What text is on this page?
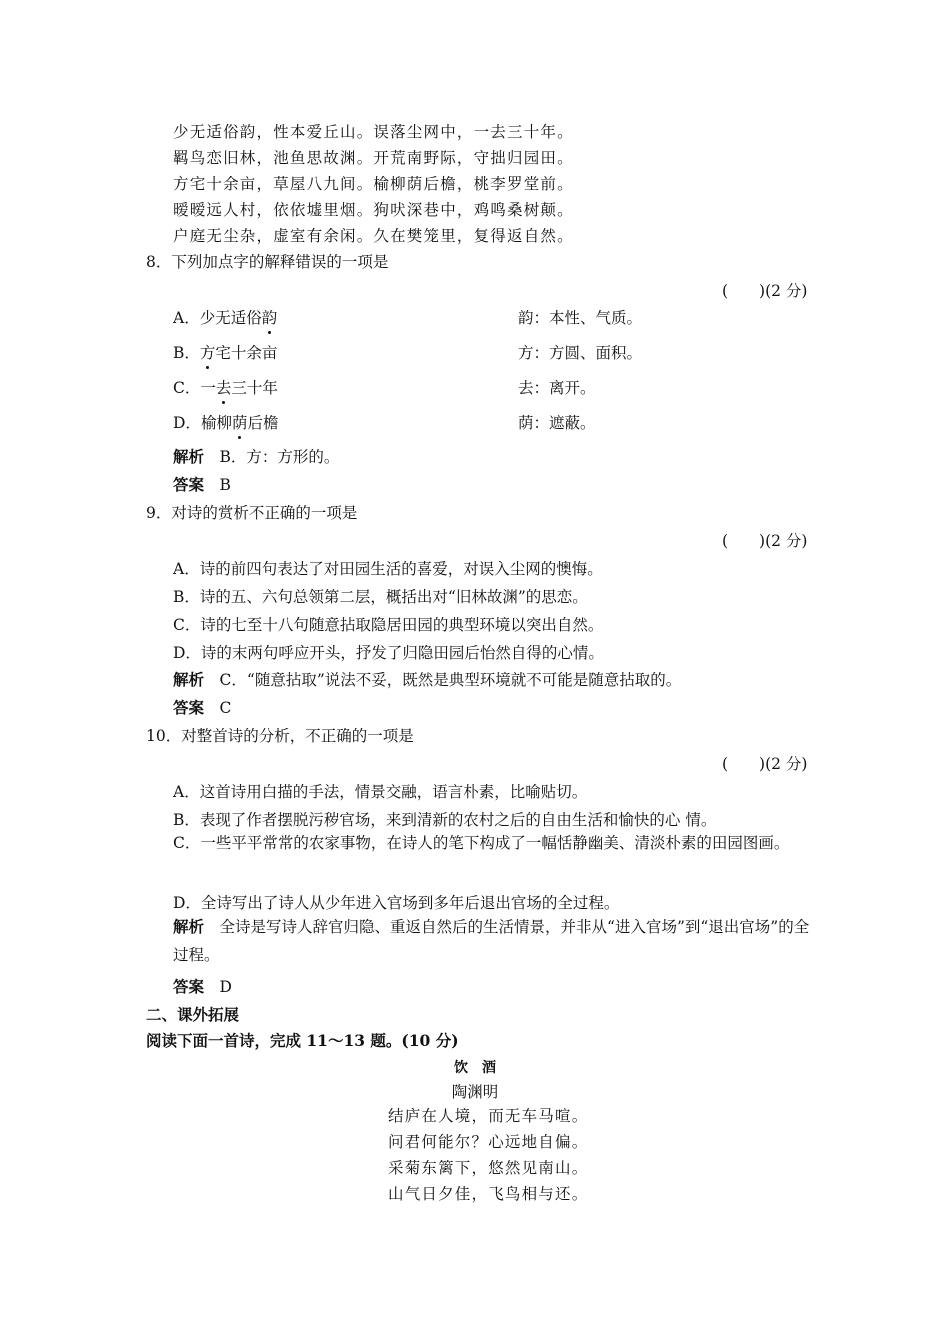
少无适俗韵，性本爱丘山。误落尘网中，一去三十年。
羁鸟恋旧林，池鱼思故渊。开荒南野际，守拙归园田。
方宅十余亩，草屋八九间。榆柳荫后檐，桃李罗堂前。
暧暧远人村，依依墟里烟。狗吠深巷中，鸡鸣桑树颠。
户庭无尘杂，虚室有余闲。久在樊笼里，复得返自然。
8．下列加点字的解释错误的一项是
(　　)(2 分)
A．少无适俗韵	韵：本性、气质。
B．方宅十余亩	方：方圆、面积。
C．一去三十年	去：离开。
D．榆柳荫后檐	荫：遮蔽。
解析　 B．方：方形的。
答案　 B
9．对诗的赏析不正确的一项是
(　　)(2 分)
A．诗的前四句表达了对田园生活的喜爱，对误入尘网的懊悔。
B．诗的五、六句总领第二层，概括出对“旧林故渊”的思恋。
C．诗的七至十八句随意拈取隐居田园的典型环境以突出自然。
D．诗的末两句呼应开头，抒发了归隐田园后怡然自得的心情。
解析　 C．“随意拈取”说法不妥，既然是典型环境就不可能是随意拈取的。
答案　 C
10．对整首诗的分析，不正确的一项是
(　　)(2 分)
A．这首诗用白描的手法，情景交融，语言朴素，比喻贴切。
B．表现了作者摆脱污秽官场，来到清新的农村之后的自由生活和愉快的心 情。
C．一些平平常常的农家事物，在诗人的笔下构成了一幅恬静幽美、清淡朴素的田园图画。
D．全诗写出了诗人从少年进入官场到多年后退出官场的全过程。
解析　 全诗是写诗人辞官归隐、重返自然后的生活情景，并非从“进入官场”到“退出官场”的全过程。
答案　 D
二、课外拓展
阅读下面一首诗，完成 11～13 题。(10 分)
饮　酒
陶渊明
结庐在人境，而无车马喧。
问君何能尔？心远地自偏。
采菊东篱下，悠然见南山。
山气日夕佳，飞鸟相与还。
